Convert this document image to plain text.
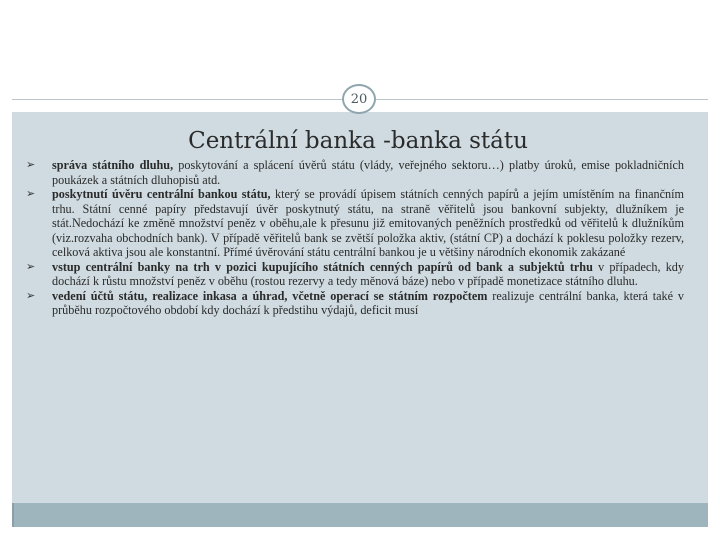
20
Centrální banka -banka státu

➢ správa státního dluhu, poskytování a splácení úvěrů státu (vlády, veřejného sektoru…) platby úroků, emise pokladničních poukázek a státních dluhopisů atd.

➢ poskytnutí úvěru centrální bankou státu, který se provádí úpisem státních cenných papírů a jejím umístěním na finančním trhu. Státní cenné papíry představují úvěr poskytnutý státu, na straně věřitelů jsou bankovní subjekty, dlužníkem je stát.Nedochází ke změně množství peněz v oběhu,ale k přesunu již emitovaných peněžních prostředků od věřitelů k dlužníkům (viz.rozvaha obchodních bank). V případě věřitelů bank se zvětší položka aktiv, (státní CP) a dochází k poklesu položky rezerv, celková aktiva jsou ale konstantní. Přímé úvěrování státu centrální bankou je u většiny národních ekonomik zakázané

➢ vstup centrální banky na trh v pozici kupujícího státních cenných papírů od bank a subjektů trhu v případech, kdy dochází k růstu množství peněz v oběhu (rostou rezervy a tedy měnová báze) nebo v případě monetizace státního dluhu.

➢ vedení účtů státu, realizace inkasa a úhrad, včetně operací se státním rozpočtem realizuje centrální banka, která také v průběhu rozpočtového období kdy dochází k předstihu výdajů, deficit musí
